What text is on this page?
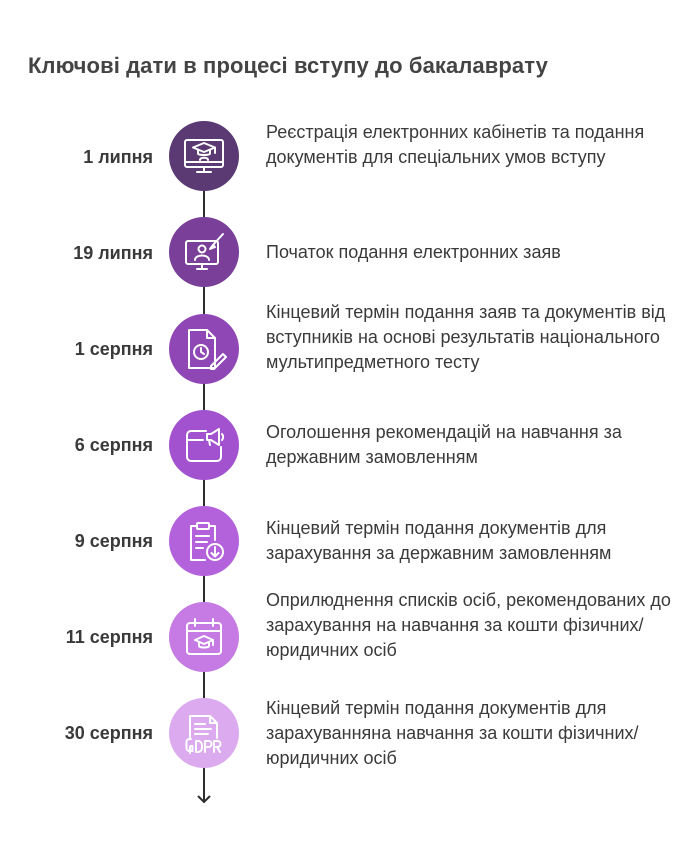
Ключові дати в процесі вступу до бакалаврату
1 липня
Реєстрація електронних кабінетів та подання документів для спеціальних умов вступу
19 липня	Початок подання електронних заяв
1 серпня
Кінцевий термін подання заяв та документів від вступників на основі результатів національного мультипредметного тесту
6 серпня
Оголошення рекомендацій на навчання за державним замовленням
9 серпня
Кінцевий термін подання документів для зарахування за державним замовленням
11 серпня
Оприлюднення списків осіб, рекомендованих до зарахування на навчання за кошти фізичних/юридичних осіб
30 серпня
Кінцевий термін подання документів для зарахуванняна навчання за кошти фізичних/юридичних осіб
